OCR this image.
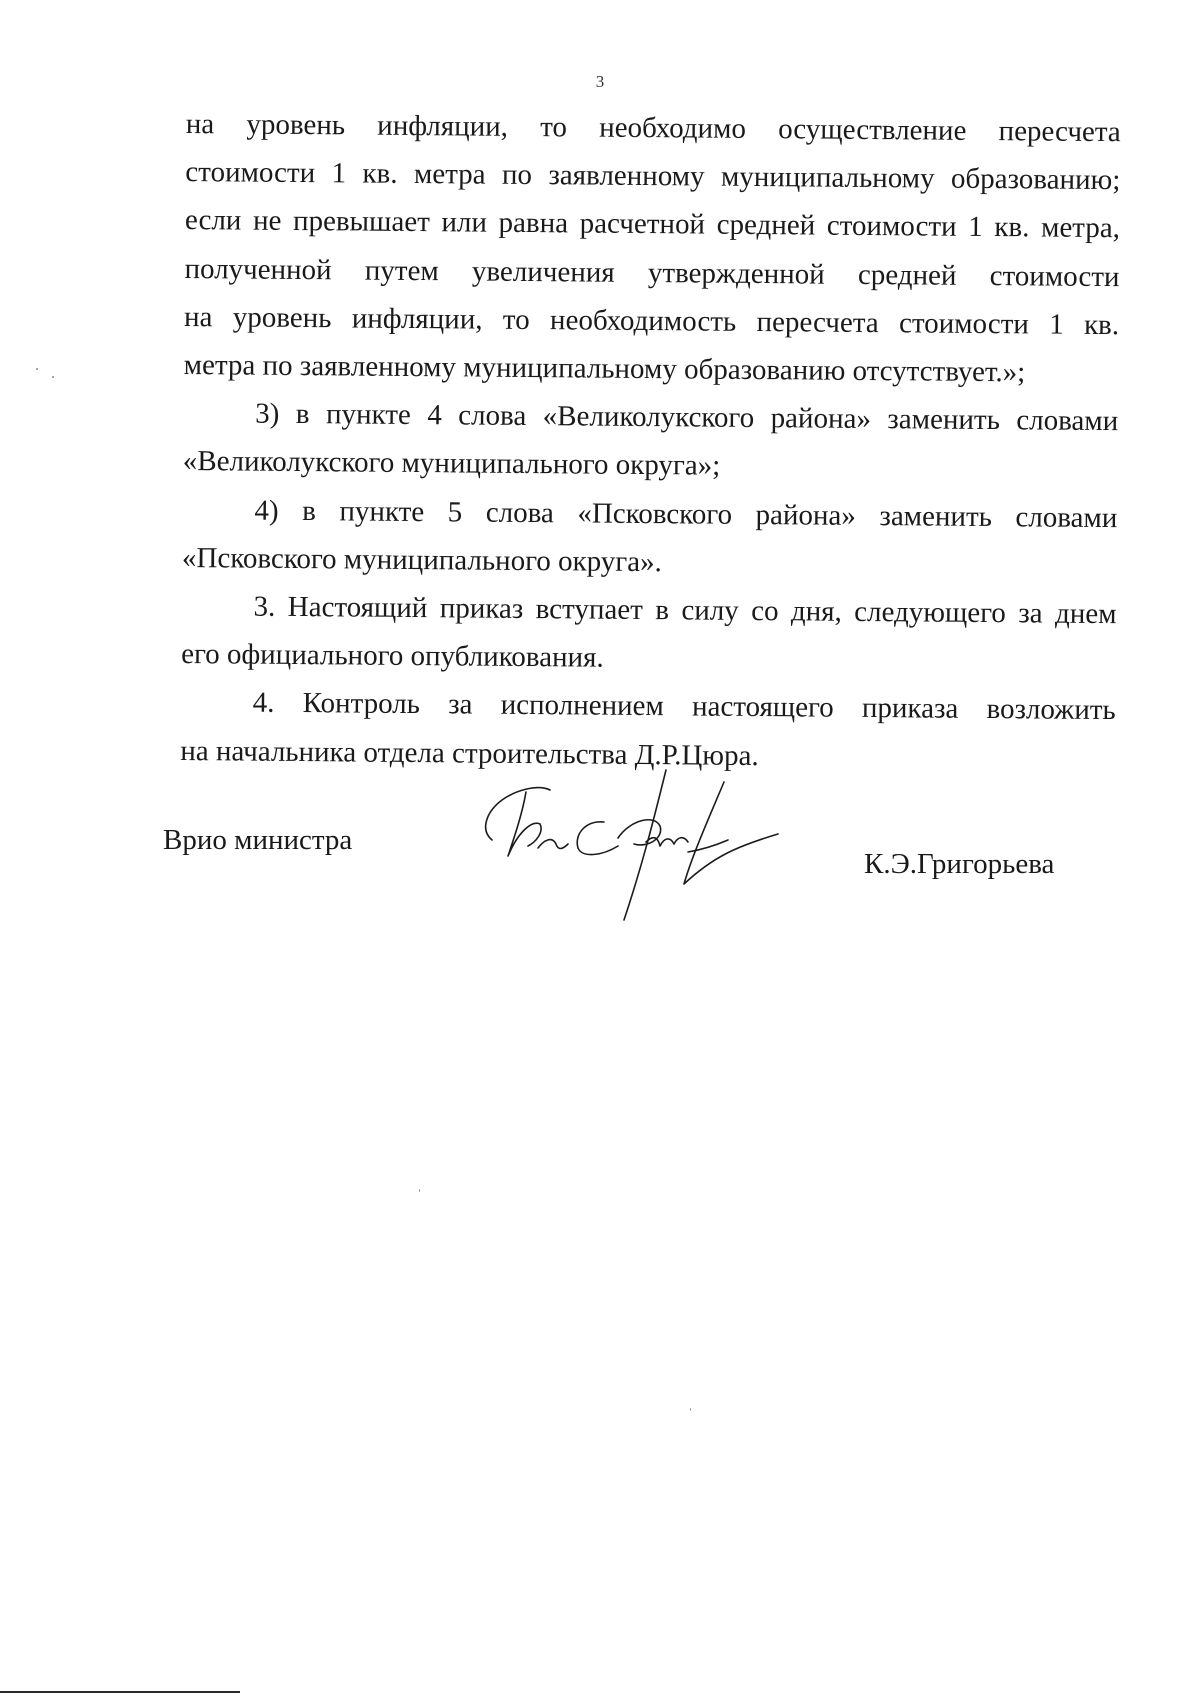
3

на уровень инфляции, то необходимо осуществление пересчета
стоимости 1 кв. метра по заявленному муниципальному образованию;
если не превышает или равна расчетной средней стоимости 1 кв. метра,
полученной путем увеличения утвержденной средней стоимости
на уровень инфляции, то необходимость пересчета стоимости 1 кв.
метра по заявленному муниципальному образованию отсутствует.»;

3) в пункте 4 слова «Великолукского района» заменить словами
«Великолукского муниципального округа»;

4) в пункте 5 слова «Псковского района» заменить словами
«Псковского муниципального округа».

3. Настоящий приказ вступает в силу со дня, следующего за днем
его официального опубликования.

4. Контроль за исполнением настоящего приказа возложить
на начальника отдела строительства Д.Р.Цюра.

Врио министра
К.Э.Григорьева
